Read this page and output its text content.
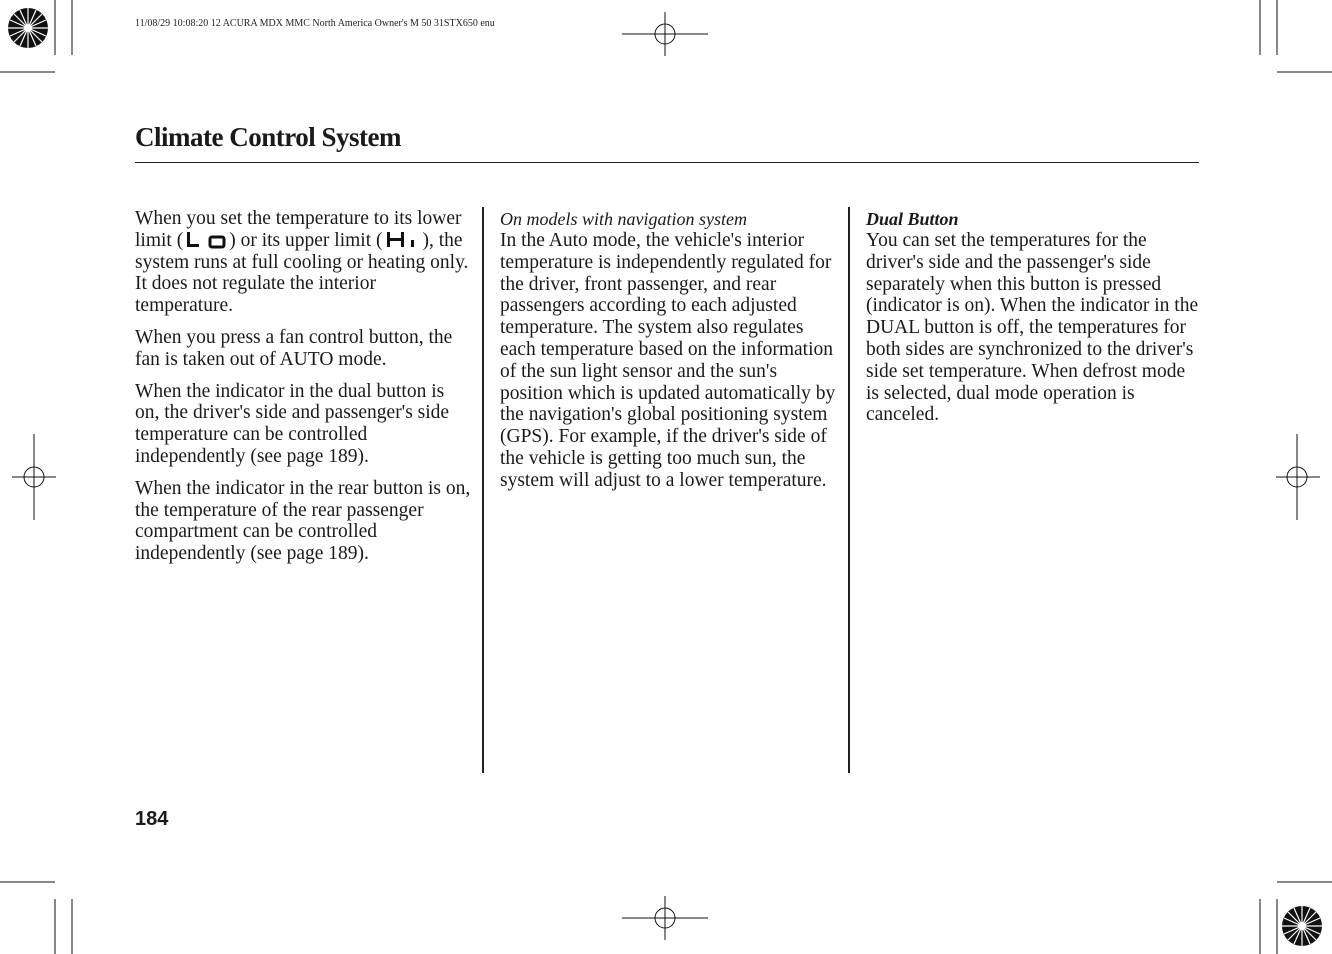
11/08/29 10:08:20 12 ACURA MDX MMC North America Owner's M 50 31STX650 enu
Climate Control System

When you set the temperature to its lower limit ( ) or its upper limit ( ), the system runs at full cooling or heating only. It does not regulate the interior temperature.

When you press a fan control button, the fan is taken out of AUTO mode.

When the indicator in the dual button is on, the driver's side and passenger's side temperature can be controlled independently (see page 189).

When the indicator in the rear button is on, the temperature of the rear passenger compartment can be controlled independently (see page 189).

On models with navigation system

In the Auto mode, the vehicle's interior temperature is independently regulated for the driver, front passenger, and rear passengers according to each adjusted temperature. The system also regulates each temperature based on the information of the sun light sensor and the sun's position which is updated automatically by the navigation's global positioning system (GPS). For example, if the driver's side of the vehicle is getting too much sun, the system will adjust to a lower temperature.

Dual Button

You can set the temperatures for the driver's side and the passenger's side separately when this button is pressed (indicator is on). When the indicator in the DUAL button is off, the temperatures for both sides are synchronized to the driver's side set temperature. When defrost mode is selected, dual mode operation is canceled.

184
